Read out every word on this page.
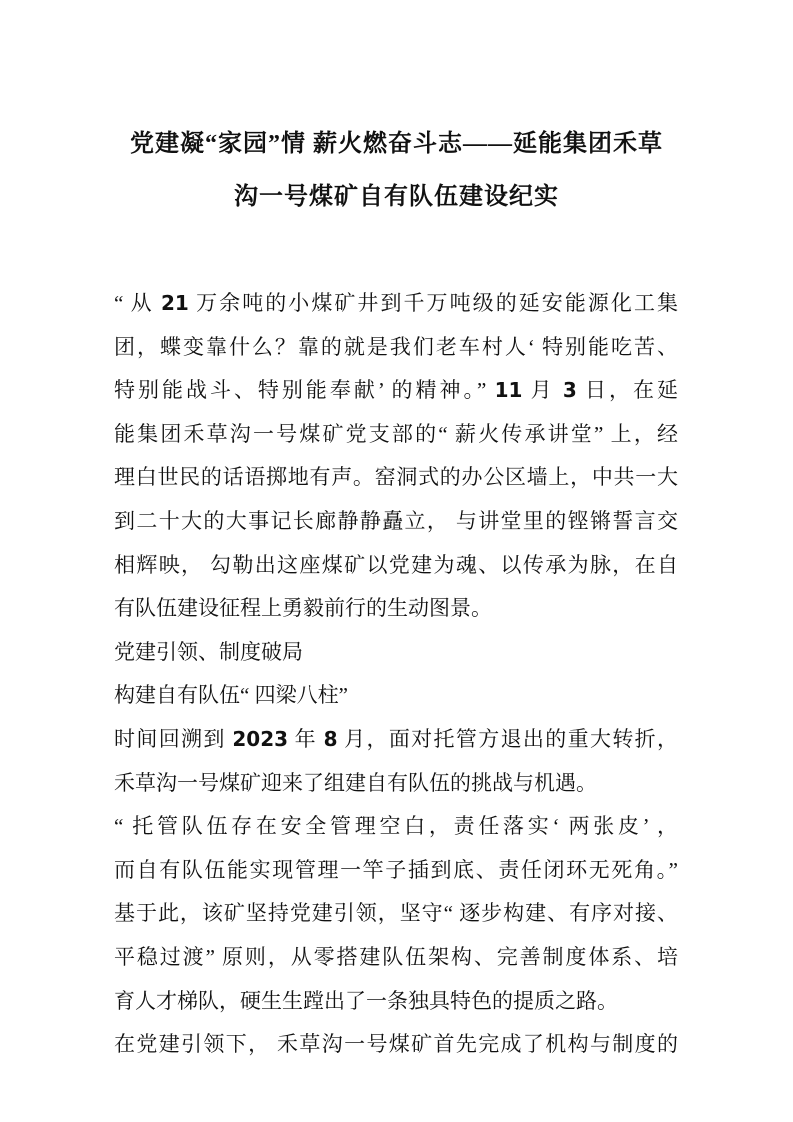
党建凝“家园”情 薪火燃奋斗志——延能集团禾草
沟一号煤矿自有队伍建设纪实
“ 从 21 万余吨的小煤矿井到千万吨级的延安能源化工集
团，蝶变靠什么？靠的就是我们老车村人‘ 特别能吃苦、
特别能战斗、特别能奉献’ 的精神。” 11 月 3 日，在延
能集团禾草沟一号煤矿党支部的“ 薪火传承讲堂” 上，经
理白世民的话语掷地有声。窑洞式的办公区墙上，中共一大
到二十大的大事记长廊静静矗立， 与讲堂里的铿锵誓言交
相辉映， 勾勒出这座煤矿以党建为魂、以传承为脉，在自
有队伍建设征程上勇毅前行的生动图景。
党建引领、制度破局
构建自有队伍“ 四梁八柱”
时间回溯到 2023 年 8 月，面对托管方退出的重大转折，
禾草沟一号煤矿迎来了组建自有队伍的挑战与机遇。
“ 托管队伍存在安全管理空白，责任落实‘ 两张皮’ ，
而自有队伍能实现管理一竿子插到底、责任闭环无死角。”
基于此，该矿坚持党建引领，坚守“ 逐步构建、有序对接、
平稳过渡” 原则，从零搭建队伍架构、完善制度体系、培
育人才梯队，硬生生蹚出了一条独具特色的提质之路。
在党建引领下， 禾草沟一号煤矿首先完成了机构与制度的
